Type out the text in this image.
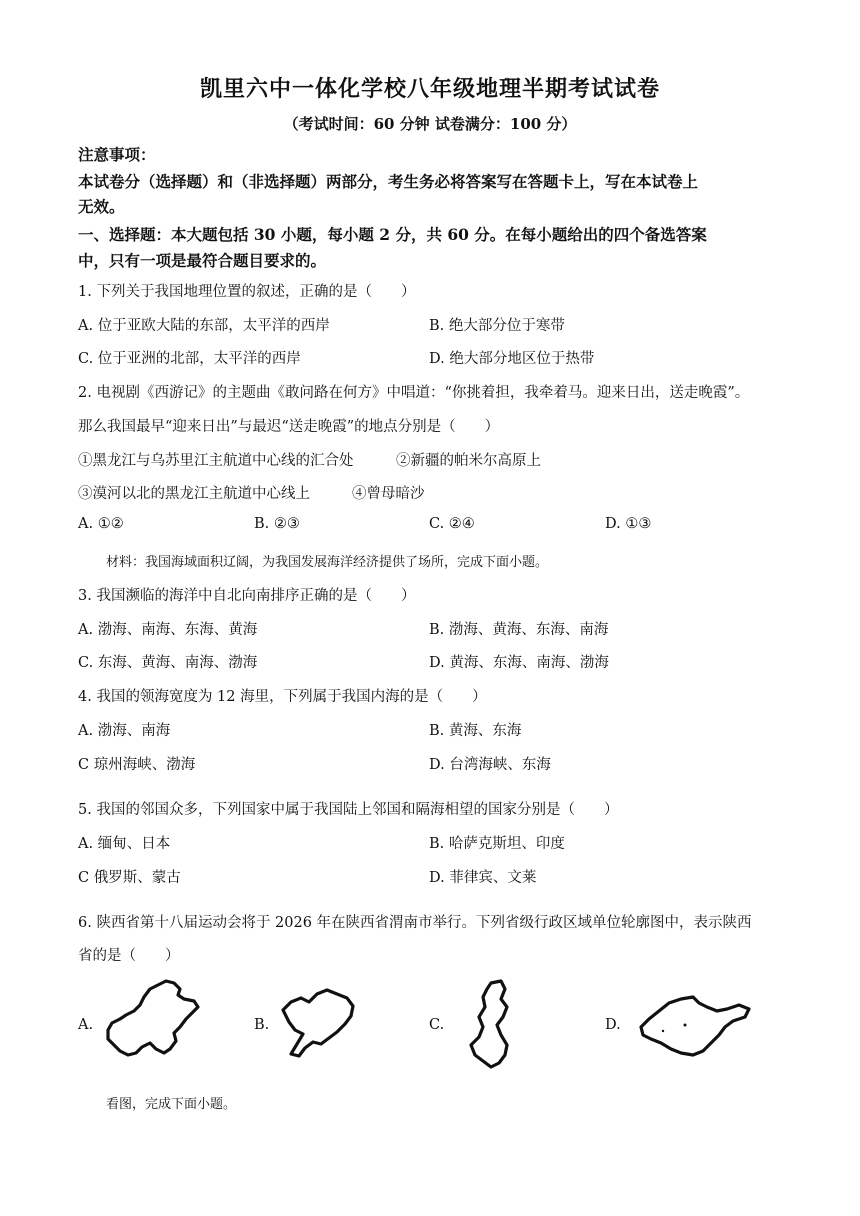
凯里六中一体化学校八年级地理半期考试试卷
（考试时间：60 分钟 试卷满分：100 分）
注意事项：
本试卷分（选择题）和（非选择题）两部分，考生务必将答案写在答题卡上，写在本试卷上
无效。
一、选择题：本大题包括 30 小题，每小题 2 分，共 60 分。在每小题给出的四个备选答案
中，只有一项是最符合题目要求的。
1. 下列关于我国地理位置的叙述，正确的是（　　）
A. 位于亚欧大陆的东部，太平洋的西岸	B. 绝大部分位于寒带
C. 位于亚洲的北部，太平洋的西岸	D. 绝大部分地区位于热带
2. 电视剧《西游记》的主题曲《敢问路在何方》中唱道：“你挑着担，我牵着马。迎来日出，送走晚霞”。
那么我国最早“迎来日出”与最迟“送走晚霞”的地点分别是（　　）
①黑龙江与乌苏里江主航道中心线的汇合处	②新疆的帕米尔高原上
③漠河以北的黑龙江主航道中心线上	④曾母暗沙
A. ①②	B. ②③	C. ②④	D. ①③
材料：我国海域面积辽阔，为我国发展海洋经济提供了场所，完成下面小题。
3. 我国濒临的海洋中自北向南排序正确的是（　　）
A. 渤海、南海、东海、黄海	B. 渤海、黄海、东海、南海
C. 东海、黄海、南海、渤海	D. 黄海、东海、南海、渤海
4. 我国的领海宽度为 12 海里，下列属于我国内海的是（　　）
A. 渤海、南海	B. 黄海、东海
C 琼州海峡、渤海	D. 台湾海峡、东海
5. 我国的邻国众多，下列国家中属于我国陆上邻国和隔海相望的国家分别是（　　）
A. 缅甸、日本	B. 哈萨克斯坦、印度
C 俄罗斯、蒙古	D. 菲律宾、文莱
6. 陕西省第十八届运动会将于 2026 年在陕西省渭南市举行。下列省级行政区域单位轮廓图中，表示陕西
省的是（　　）
A.	B.	C.	D.
看图，完成下面小题。
